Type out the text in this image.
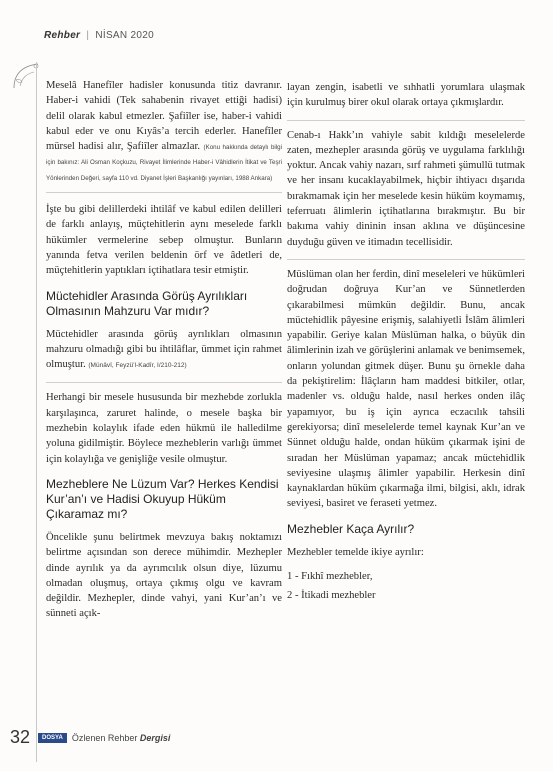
Rehber | NİSAN 2020

Meselâ Hanefîler hadisler konusunda titiz davranır. Haber-i vahidi (Tek sahabenin rivayet ettiği hadisi) delil olarak kabul etmezler. Şafiîler ise, haber-i vahidi kabul eder ve onu Kıyâs’a tercih ederler. Hanefîler mürsel hadisi alır, Şafiîler almazlar. (Konu hakkında detaylı bilgi için bakınız: Ali Osman Koçkuzu, Rivayet İlimlerinde Haber-i Vâhidlerin İtikat ve Teşri Yönlerinden Değeri, sayfa 110 vd. Diyanet İşleri Başkanlığı yayınları, 1988 Ankara)

İşte bu gibi delillerdeki ihtilâf ve kabul edilen delilleri de farklı anlayış, müçtehitlerin aynı meselede farklı hükümler vermelerine sebep olmuştur. Bunların yanında fetva verilen beldenin örf ve âdetleri de, müçtehitlerin yaptıkları içtihatlara tesir etmiştir.

Müctehidler Arasında Görüş Ayrılıkları Olmasının Mahzuru Var mıdır?

Müctehidler arasında görüş ayrılıkları olmasının mahzuru olmadığı gibi bu ihtilâflar, ümmet için rahmet olmuştur. (Münâvî, Feyzü’l-Kadîr, I/210-212)

Herhangi bir mesele hususunda bir mezhebde zorlukla karşılaşınca, zaruret halinde, o mesele başka bir mezhebin kolaylık ifade eden hükmü ile halledilme yoluna gidilmiştir. Böylece mezheblerin varlığı ümmet için kolaylığa ve genişliğe vesile olmuştur.

Mezheblere Ne Lüzum Var? Herkes Kendisi Kur’an’ı ve Hadisi Okuyup Hüküm Çıkaramaz mı?

Öncelikle şunu belirtmek mevzuya bakış noktamızı belirtme açısından son derece mühimdir. Mezhepler dinde ayrılık ya da ayrımcılık olsun diye, lüzumu olmadan oluşmuş, ortaya çıkmış olgu ve kavram değildir. Mezhepler, dinde vahyi, yani Kur’an’ı ve sünneti açık-

layan zengin, isabetli ve sıhhatli yorumlara ulaşmak için kurulmuş birer okul olarak ortaya çıkmışlardır.

Cenab-ı Hakk’ın vahiyle sabit kıldığı meselelerde zaten, mezhepler arasında görüş ve uygulama farklılığı yoktur. Ancak vahiy nazarı, sırf rahmeti şümullü tutmak ve her insanı kucaklayabilmek, hiçbir ihtiyacı dışarıda bırakmamak için her meselede kesin hüküm koymamış, teferruatı âlimlerin içtihatlarına bırakmıştır. Bu bir bakıma vahiy dininin insan aklına ve düşüncesine duyduğu güven ve itimadın tecellisidir.

Müslüman olan her ferdin, dinî meseleleri ve hükümleri doğrudan doğruya Kur’an ve Sünnetlerden çıkarabilmesi mümkün değildir. Bunu, ancak müctehidlik pâyesine erişmiş, salahiyetli İslâm âlimleri yapabilir. Geriye kalan Müslüman halka, o büyük din âlimlerinin izah ve görüşlerini anlamak ve benimsemek, onların yolundan gitmek düşer. Bunu şu örnekle daha da pekiştirelim: İlâçların ham maddesi bitkiler, otlar, madenler vs. olduğu halde, nasıl herkes onden ilâç yapamıyor, bu iş için ayrıca eczacılık tahsili gerekiyorsa; dinî meselelerde temel kaynak Kur’an ve Sünnet olduğu halde, ondan hüküm çıkarmak işini de sıradan her Müslüman yapamaz; ancak müctehidlik seviyesine ulaşmış âlimler yapabilir. Herkesin dinî kaynaklardan hüküm çıkarmağa ilmi, bilgisi, aklı, idrak seviyesi, basiret ve feraseti yetmez.

Mezhebler Kaça Ayrılır?

Mezhebler temelde ikiye ayrılır:

1 - Fıkhî mezhebler,

2 - İtikadi mezhebler

32	DOSYA	Özlenen Rehber Dergisi
